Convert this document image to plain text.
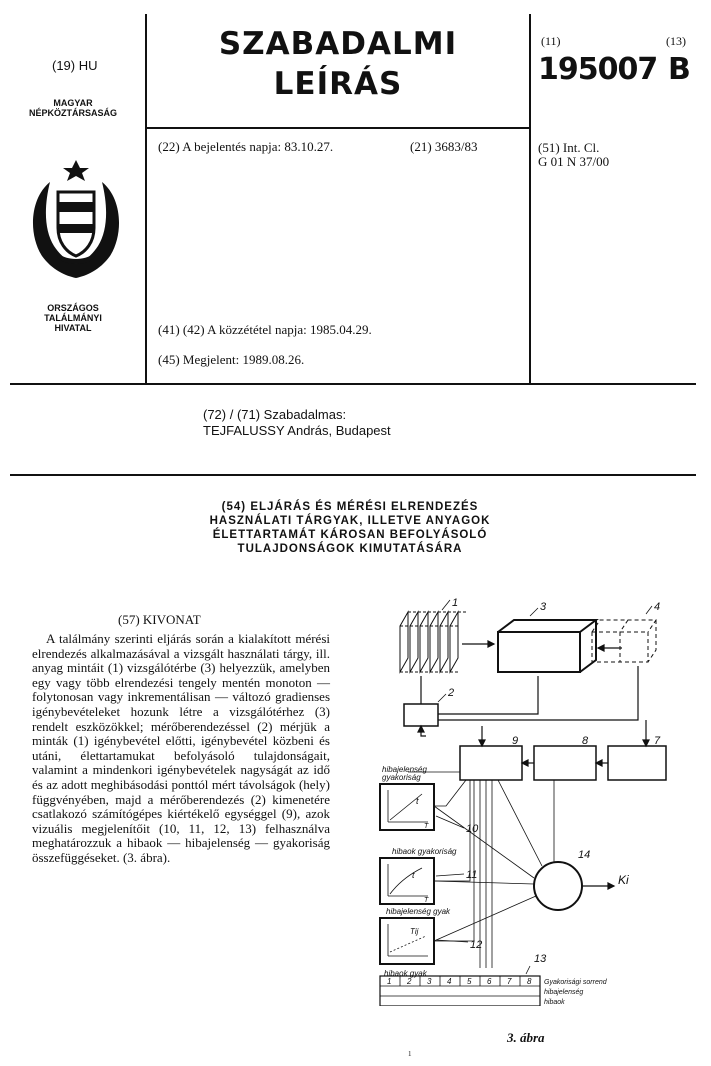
(19) HU
MAGYAR
NÉPKÖZTÁRSASÁG
ORSZÁGOS
TALÁLMÁNYI
HIVATAL
SZABADALMI
LEÍRÁS
(22) A bejelentés napja: 83.10.27.	(21) 3683/83
(41) (42) A közzététel napja: 1985.04.29.
(45) Megjelent: 1989.08.26.
(11)	(13)
195007 B
(51) Int. Cl.
G 01 N 37/00
(72) / (71) Szabadalmas:
TEJFALUSSY András, Budapest
(54) ELJÁRÁS ÉS MÉRÉSI ELRENDEZÉS
HASZNÁLATI TÁRGYAK, ILLETVE ANYAGOK
ÉLETTARTAMÁT KÁROSAN BEFOLYÁSOLÓ
TULAJDONSÁGOK KIMUTATÁSÁRA
(57) KIVONAT
A találmány szerinti eljárás során a kialakított mérési elrendezés alkalmazásával a vizsgált használati tárgy, ill. anyag mintáit (1) vizsgálótérbe (3) helyezzük, amelyben egy vagy több elrendezési tengely mentén monoton — folytonosan vagy inkrementálisan — változó gradienses igénybevételeket hozunk létre a vizsgálótérhez (3) rendelt eszközökkel; mérőberendezéssel (2) mérjük a minták (1) igénybevétel előtti, igénybevétel közbeni és utáni, élettartamukat befolyásoló tulajdonságait, valamint a mindenkori igénybevételek nagyságát az idő és az adott meghibásodási ponttól mért távolságok (hely) függvényében, majd a mérőberendezés (2) kimenetére csatlakozó számítógépes kiértékelő egységgel (9), azok vizuális megjelenítőit (10, 11, 12, 13) felhasználva meghatározzuk a hibaok — hibajelenség — gyakoriság összefüggéseket. (3. ábra).
1	3	4
2
9	8	7
hibajelenség
gyakoriság
t
T	10
hibaok gyakoriság
t
T
11
hibajelenség gyak
Tij
hibaok gyak
12
14
Ki
13
1 2 3 4 5 6 7 8 Gyakorisági sorrend
hibajelenség
hibaok
3. ábra
1
